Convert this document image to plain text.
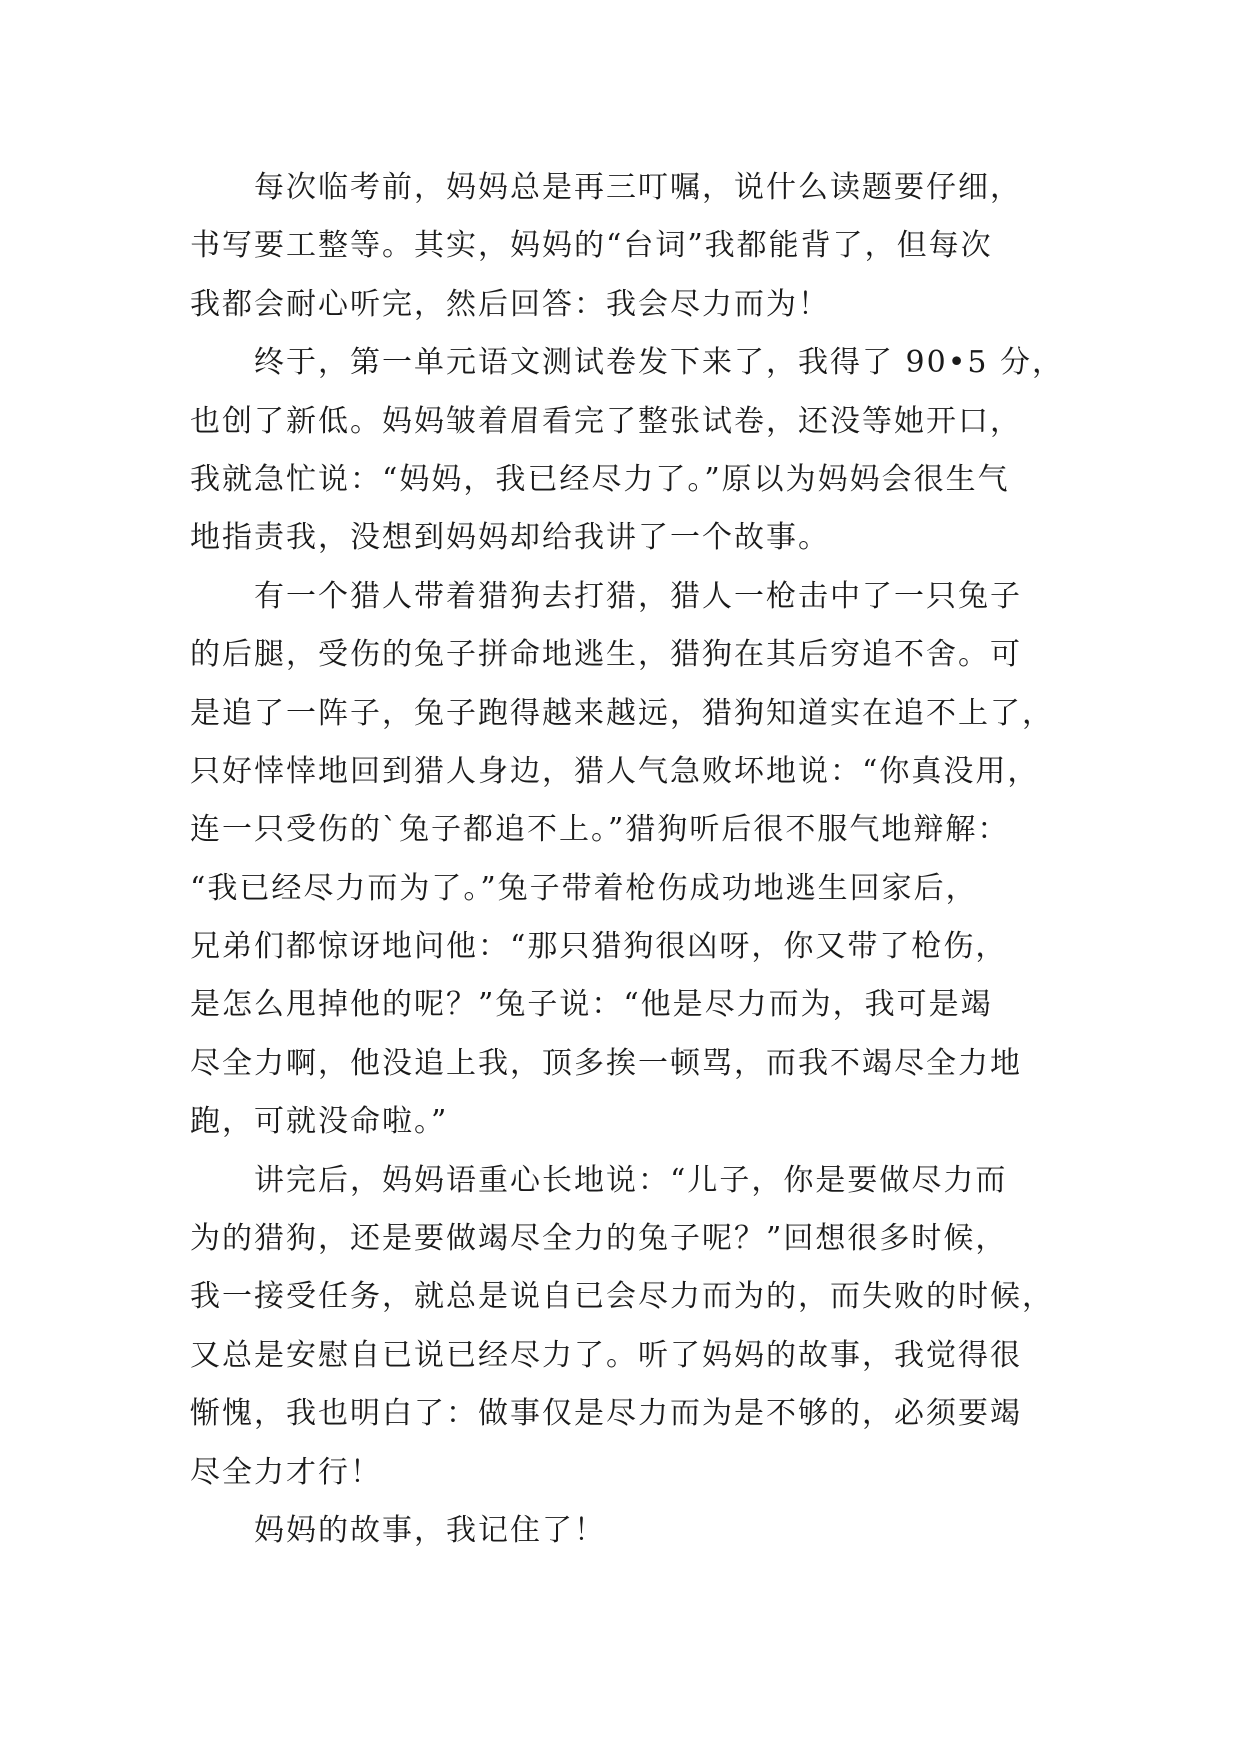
每次临考前，妈妈总是再三叮嘱，说什么读题要仔细，
书写要工整等。其实，妈妈的“台词”我都能背了，但每次
我都会耐心听完，然后回答：我会尽力而为！
终于，第一单元语文测试卷发下来了，我得了 90•5 分，
也创了新低。妈妈皱着眉看完了整张试卷，还没等她开口，
我就急忙说：“妈妈，我已经尽力了。”原以为妈妈会很生气
地指责我，没想到妈妈却给我讲了一个故事。
有一个猎人带着猎狗去打猎，猎人一枪击中了一只兔子
的后腿，受伤的兔子拼命地逃生，猎狗在其后穷追不舍。可
是追了一阵子，兔子跑得越来越远，猎狗知道实在追不上了，
只好悻悻地回到猎人身边，猎人气急败坏地说：“你真没用，
连一只受伤的`兔子都追不上。”猎狗听后很不服气地辩解：
“我已经尽力而为了。”兔子带着枪伤成功地逃生回家后，
兄弟们都惊讶地问他：“那只猎狗很凶呀，你又带了枪伤，
是怎么甩掉他的呢？”兔子说：“他是尽力而为，我可是竭
尽全力啊，他没追上我，顶多挨一顿骂，而我不竭尽全力地
跑，可就没命啦。”
讲完后，妈妈语重心长地说：“儿子，你是要做尽力而
为的猎狗，还是要做竭尽全力的兔子呢？”回想很多时候，
我一接受任务，就总是说自已会尽力而为的，而失败的时候，
又总是安慰自已说已经尽力了。听了妈妈的故事，我觉得很
惭愧，我也明白了：做事仅是尽力而为是不够的，必须要竭
尽全力才行！
妈妈的故事，我记住了！
